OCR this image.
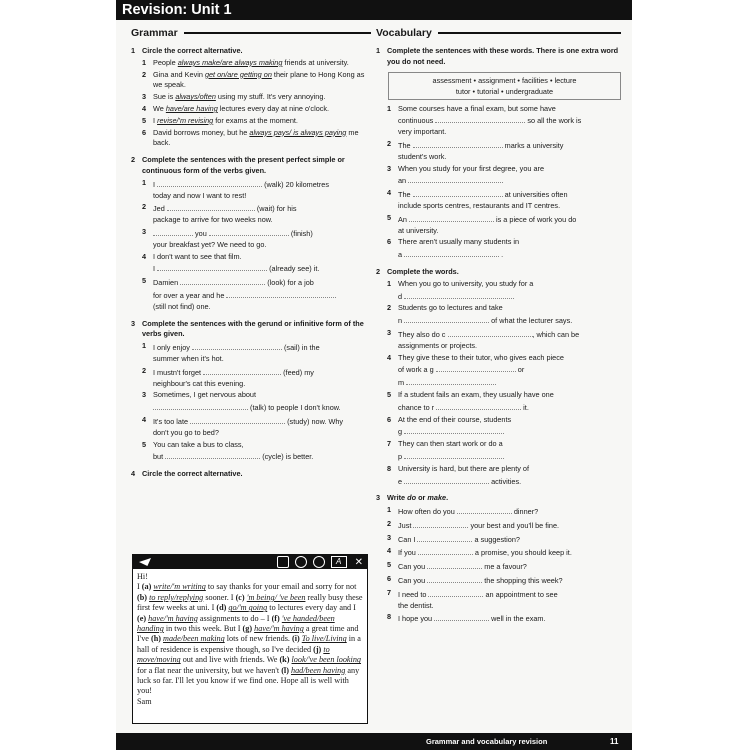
Revision: Unit 1
Grammar
1 Circle the correct alternative.
1 People always make/are always making friends at university.
2 Gina and Kevin get on/are getting on their plane to Hong Kong as we speak.
3 Sue is always/often using my stuff. It's very annoying.
4 We have/are having lectures every day at nine o'clock.
5 I revise/'m revising for exams at the moment.
6 David borrows money, but he always pays/ is always paying me back.
2 Complete the sentences with the present perfect simple or continuous form of the verbs given.
1 I	(walk) 20 kilometres
today and now I want to rest!
2 Jed	(wait) for his
package to arrive for two weeks now.
3	you	(finish)
your breakfast yet? We need to go.
4 I don't want to see that film.
I	(already see) it.
5 Damien	(look) for a job
for over a year and he
(still not find) one.
3 Complete the sentences with the gerund or infinitive form of the verbs given.
1 I only enjoy	(sail) in the
summer when it's hot.
2 I mustn't forget	(feed) my
neighbour's cat this evening.
3 Sometimes, I get nervous about
(talk) to people I don't know.
4 It's too late	(study) now. Why
don't you go to bed?
5 You can take a bus to class,
but	(cycle) is better.
4 Circle the correct alternative.
A	✕
Hi!
I (a) write/'m writing to say thanks for your email and sorry for not (b) to reply/replying sooner. I (c) 'm being/ 've been really busy these first few weeks at uni. I (d) go/'m going to lectures every day and I (e) have/'m having assignments to do – I (f) 've handed/been handing in two this week. But I (g) have/'m having a great time and I've (h) made/been making lots of new friends. (i) To live/Living in a hall of residence is expensive though, so I've decided (j) to move/moving out and live with friends. We (k) look/'ve been looking for a flat near the university, but we haven't (l) had/been having any luck so far. I'll let you know if we find one. Hope all is well with you!
Sam
Vocabulary
1 Complete the sentences with these words. There is one extra word you do not need.
assessment • assignment • facilities • lecture
tutor • tutorial • undergraduate
1 Some courses have a final exam, but some have
continuous	so all the work is
very important.
2 The	marks a university
student's work.
3 When you study for your first degree, you are
an
4 The	at universities often
include sports centres, restaurants and IT centres.
5 An	is a piece of work you do
at university.
6 There aren't usually many students in
a	.
2 Complete the words.
1 When you go to university, you study for a
d
2 Students go to lectures and take
n	of what the lecturer says.
3 They also do c	, which can be
assignments or projects.
4 They give these to their tutor, who gives each piece
of work a g	or
m
5 If a student fails an exam, they usually have one
chance to r	it.
6 At the end of their course, students
g
7 They can then start work or do a
p
8 University is hard, but there are plenty of
e	activities.
3 Write do or make.
1 How often do you	dinner?
2 Just	your best and you'll be fine.
3 Can I	a suggestion?
4 If you	a promise, you should keep it.
5 Can you	me a favour?
6 Can you	the shopping this week?
7 I need to	an appointment to see
the dentist.
8 I hope you	well in the exam.
Grammar and vocabulary revision	11
